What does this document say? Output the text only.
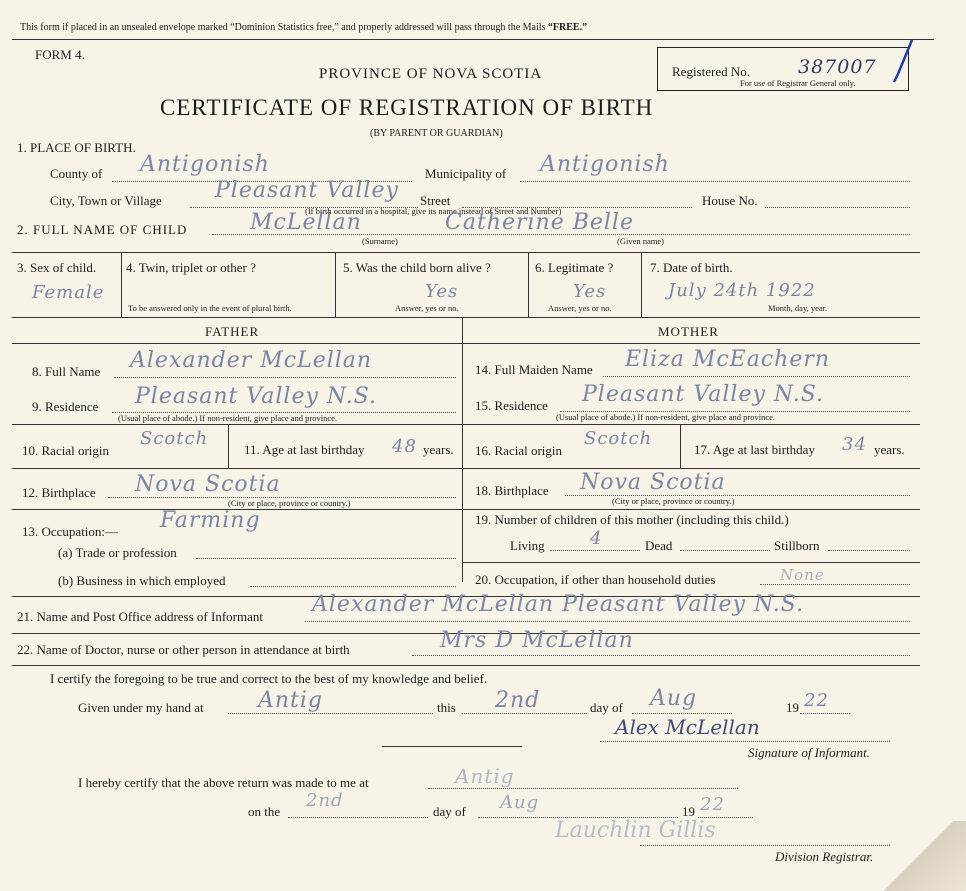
This form if placed in an unsealed envelope marked “Dominion Statistics free,” and properly addressed will pass through the Mails “FREE.”
FORM 4.
PROVINCE OF NOVA SCOTIA
CERTIFICATE OF REGISTRATION OF BIRTH
(BY PARENT OR GUARDIAN)
Registered No.	387007
For use of Registrar General only.
1. PLACE OF BIRTH.
County of Antigonish	Municipality of Antigonish
City, Town or Village Pleasant Valley Street	House No.
(If birth occurred in a hospital, give its name instead of Street and Number)
2. FULL NAME OF CHILD	McLellan	Catherine Belle
(Surname)	(Given name)
3. Sex of child.
Female
4. Twin, triplet or other ?
To be answered only in the event of plural birth.
5. Was the child born alive ?
Yes
Answer, yes or no.
6. Legitimate ?
Yes
Answer, yes or no.
7. Date of birth.
July 24th 1922
Month, day, year.
FATHER
8. Full Name Alexander McLellan
9. Residence Pleasant Valley N.S.
(Usual place of abode.) If non-resident, give place and province.
10. Racial origin
Scotch
11. Age at last birthday 48 years.
12. Birthplace Nova Scotia
(City or place, province or country.)
13. Occupation:— Farming
(a) Trade or profession
(b) Business in which employed
MOTHER
14. Full Maiden Name Eliza McEachern
15. Residence Pleasant Valley N.S.
(Usual place of abode.) If non-resident, give place and province.
16. Racial origin
Scotch
17. Age at last birthday 34 years.
18. Birthplace Nova Scotia
(City or place, province or country.)
19. Number of children of this mother (including this child.)
Living	4	Dead	Stillborn
20. Occupation, if other than household duties	None
21. Name and Post Office address of Informant Alexander McLellan Pleasant Valley N.S.
22. Name of Doctor, nurse or other person in attendance at birth	Mrs D McLellan
I certify the foregoing to be true and correct to the best of my knowledge and belief.
Given under my hand at Antig	this 2nd	day of Aug	19 22
Alex McLellan
Signature of Informant.
I hereby certify that the above return was made to me at	Antig
on the
2nd
day of Aug	19 22
Lauchlin Gillis
Division Registrar.
